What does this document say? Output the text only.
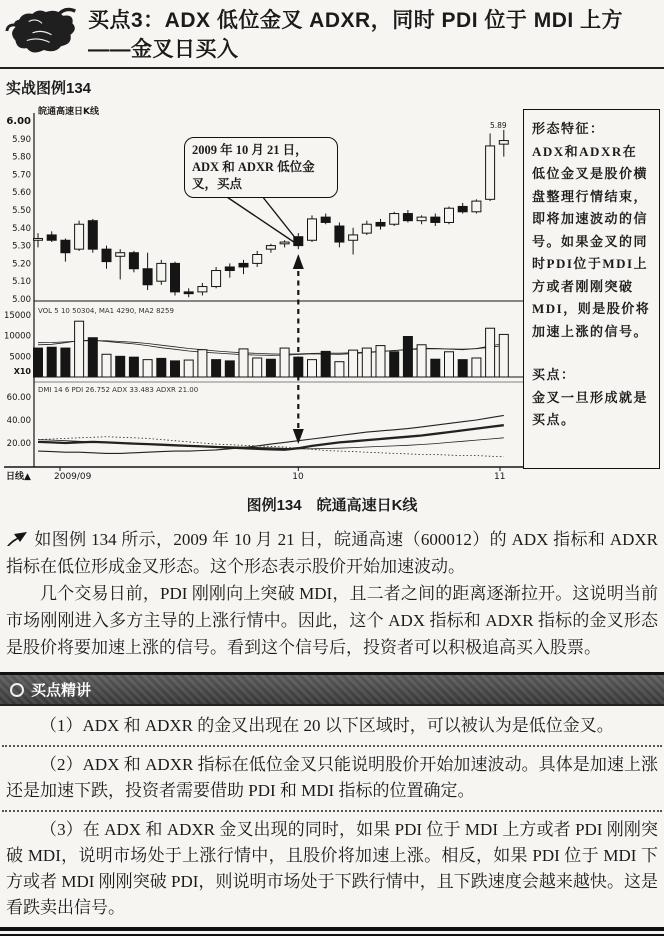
买点3：ADX 低位金叉 ADXR，同时 PDI 位于 MDI 上方——金叉日买入
实战图例134
6.00
5.90
5.80
5.70
5.60
5.50
5.40
5.30
5.20
5.10
5.00
15000
10000
5000
X10
60.00
40.00
20.00
皖通高速日K线
5.89
VOL 5 10 50304, MA1 4290, MA2 8259
DMI 14 6 PDI 26.752 ADX 33.483 ADXR 21.00
日线▲	2009/09	10	11
2009 年 10 月 21 日，ADX 和 ADXR 低位金叉，买点
形态特征：
ADX和ADXR在低位金叉是股价横盘整理行情结束，即将加速波动的信号。如果金叉的同时PDI位于MDI上方或者刚刚突破MDI，则是股价将加速上涨的信号。
买点：
金叉一旦形成就是买点。
图例134　皖通高速日K线

如图例 134 所示，2009 年 10 月 21 日，皖通高速（600012）的 ADX 指标和 ADXR 指标在低位形成金叉形态。这个形态表示股价开始加速波动。

几个交易日前，PDI 刚刚向上突破 MDI，且二者之间的距离逐渐拉开。这说明当前市场刚刚进入多方主导的上涨行情中。因此，这个 ADX 指标和 ADXR 指标的金叉形态是股价将要加速上涨的信号。看到这个信号后，投资者可以积极追高买入股票。

买点精讲
（1）ADX 和 ADXR 的金叉出现在 20 以下区域时，可以被认为是低位金叉。
（2）ADX 和 ADXR 指标在低位金叉只能说明股价开始加速波动。具体是加速上涨还是加速下跌，投资者需要借助 PDI 和 MDI 指标的位置确定。
（3）在 ADX 和 ADXR 金叉出现的同时，如果 PDI 位于 MDI 上方或者 PDI 刚刚突破 MDI，说明市场处于上涨行情中，且股价将加速上涨。相反，如果 PDI 位于 MDI 下方或者 MDI 刚刚突破 PDI，则说明市场处于下跌行情中，且下跌速度会越来越快。这是看跌卖出信号。
